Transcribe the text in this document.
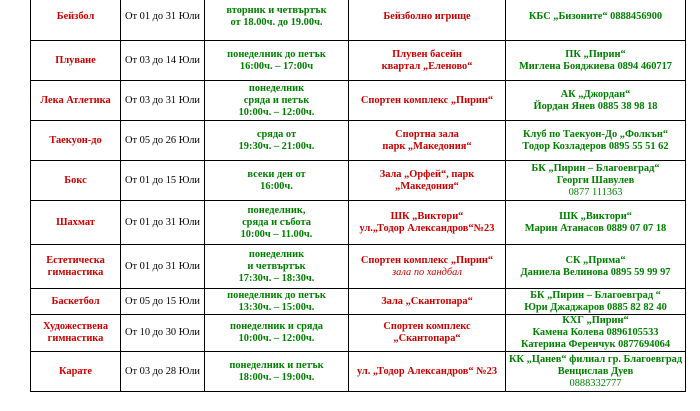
Бейзбол	От 01 до 31 Юли	вторник и четвъртък
от 18.00ч. до 19.00ч.	Бейзболно игрище	КБС „Бизоните“ 0888456900

Плуване	От 03 до 14 Юли	понеделник до петък
16:00ч. – 17:00ч	Плувен басейн
квартал „Еленово“	ПК „Пирин“
Миглена Бояджиева 0894 460717

Лека Атлетика	От 03 до 31 Юли	понеделник
сряда и петък
10:00ч. – 12:00ч.	Спортен комплекс „Пирин“	АК „Джордан“
Йордан Янев 0885 38 98 18

Таекуон-до	От 05 до 26 Юли	сряда от
19:30ч. – 21:00ч.	Спортна зала
парк „Македония“	Клуб по Таекуон-До „Фолкън“
Тодор Козладеров 0895 55 51 62

Бокс	От 01 до 15 Юли	всеки ден от
16:00ч.	Зала „Орфей“, парк
„Македония“	БК „Пирин – Благоевград“
Георги Шавулев
0877 111363

Шахмат	От 01 до 31 Юли	понеделник,
сряда и събота
10:00ч – 11.00ч.	ШК „Виктори“
ул.„Тодор Александров“№23	ШК „Виктори“
Марин Атанасов 0889 07 07 18

Естетическа
гимнастика	От 01 до 31 Юли	понеделник
и четвъртък
17:30ч. – 18:30ч.	Спортен комплекс „Пирин“
зала по хандбал	СК „Прима“
Даниела Велинова 0895 59 99 97

Баскетбол	От 05 до 15 Юли	понеделник до петък
13:30ч. – 15:00ч.	Зала „Скантопара“	БК „Пирин – Благоевград “
Юри Джаджаров 0885 82 82 40

Художествена
гимнастика	От 10 до 30 Юли	понеделник и сряда
10:00ч. – 12:00ч.	Спортен комплекс
„Скантопара“	КХГ „Пирин“
Камена Колева 0896105533
Катерина Ференчук 0877694064

Карате	От 03 до 28 Юли	понеделник и петък
18:00ч. – 19:00ч.	ул. „Тодор Александров“ №23	КК „Цанев“ филиал гр. Благоевград
Венцислав Дуев
0888332777
